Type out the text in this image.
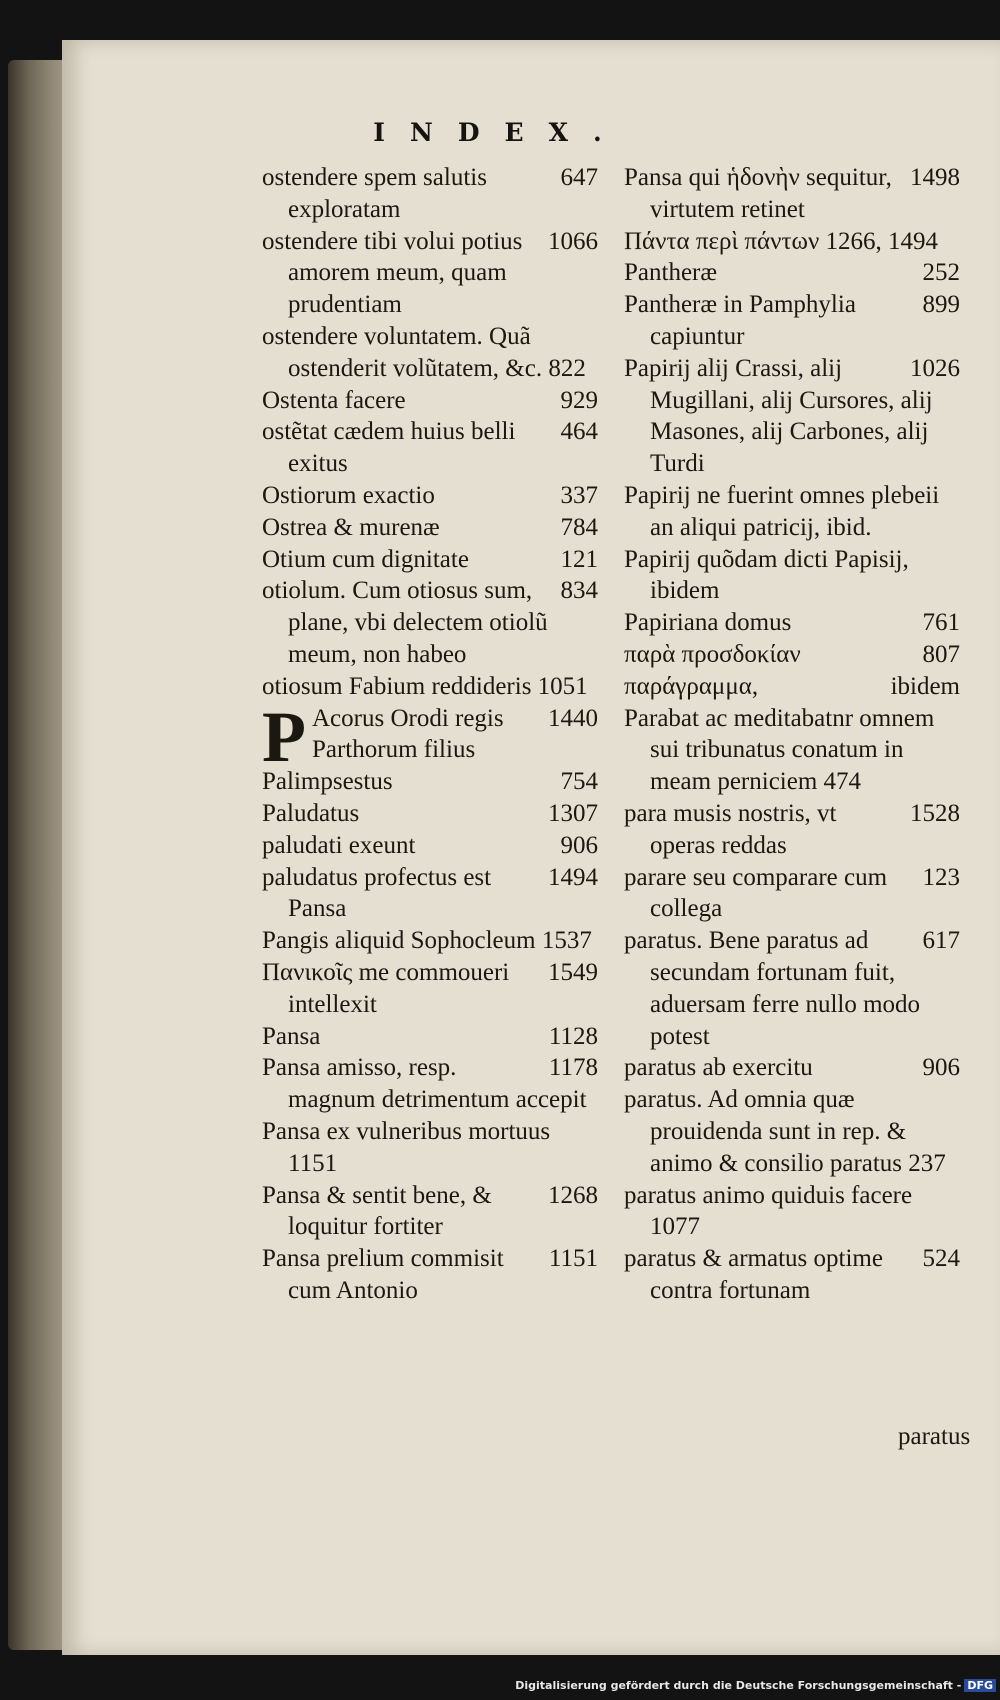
INDEX.
647
ostendere spem salutis exploratam
1066
ostendere tibi volui potius amorem meum, quam prudentiam
ostendere voluntatem. Quã ostenderit volũtatem, &c. 822
929
Ostenta facere
464
ostẽtat cædem huius belli exitus
337
Ostiorum exactio
784
Ostrea & murenæ
121
Otium cum dignitate
834
otiolum. Cum otiosus sum, plane, vbi delectem otiolũ meum, non habeo
otiosum Fabium reddideris 1051
P	1440
Acorus Orodi regis Parthorum filius
754
Palimpsestus
1307
Paludatus
906
paludati exeunt
1494
paludatus profectus est Pansa
Pangis aliquid Sophocleum 1537
1549
Πανικοῖς me commoueri intellexit
1128
Pansa
1178
Pansa amisso, resp. magnum detrimentum accepit
Pansa ex vulneribus mortuus 1151
1268
Pansa & sentit bene, & loquitur fortiter
1151
Pansa prelium commisit cum Antonio
1498
Pansa qui ἡδονὴν sequitur, virtutem retinet
Πάντα περὶ πάντων 1266, 1494
252
Pantheræ
899
Pantheræ in Pamphylia capiuntur
1026
Papirij alij Crassi, alij Mugillani, alij Cursores, alij Masones, alij Carbones, alij Turdi
Papirij ne fuerint omnes plebeii an aliqui patricij, ibid.
Papirij quõdam dicti Papisij, ibidem
761
Papiriana domus
807
παρὰ προσδοκίαν
ibidem
παράγραμμα,
Parabat ac meditabatnr omnem sui tribunatus conatum in meam perniciem 474
1528
para musis nostris, vt operas reddas
123
parare seu comparare cum collega
617
paratus. Bene paratus ad secundam fortunam fuit, aduersam ferre nullo modo potest
906
paratus ab exercitu
paratus. Ad omnia quæ prouidenda sunt in rep. & animo & consilio paratus 237
paratus animo quiduis facere 1077
524
paratus & armatus optime contra fortunam
paratus
Digitalisierung gefördert durch die Deutsche Forschungsgemeinschaft - DFG
